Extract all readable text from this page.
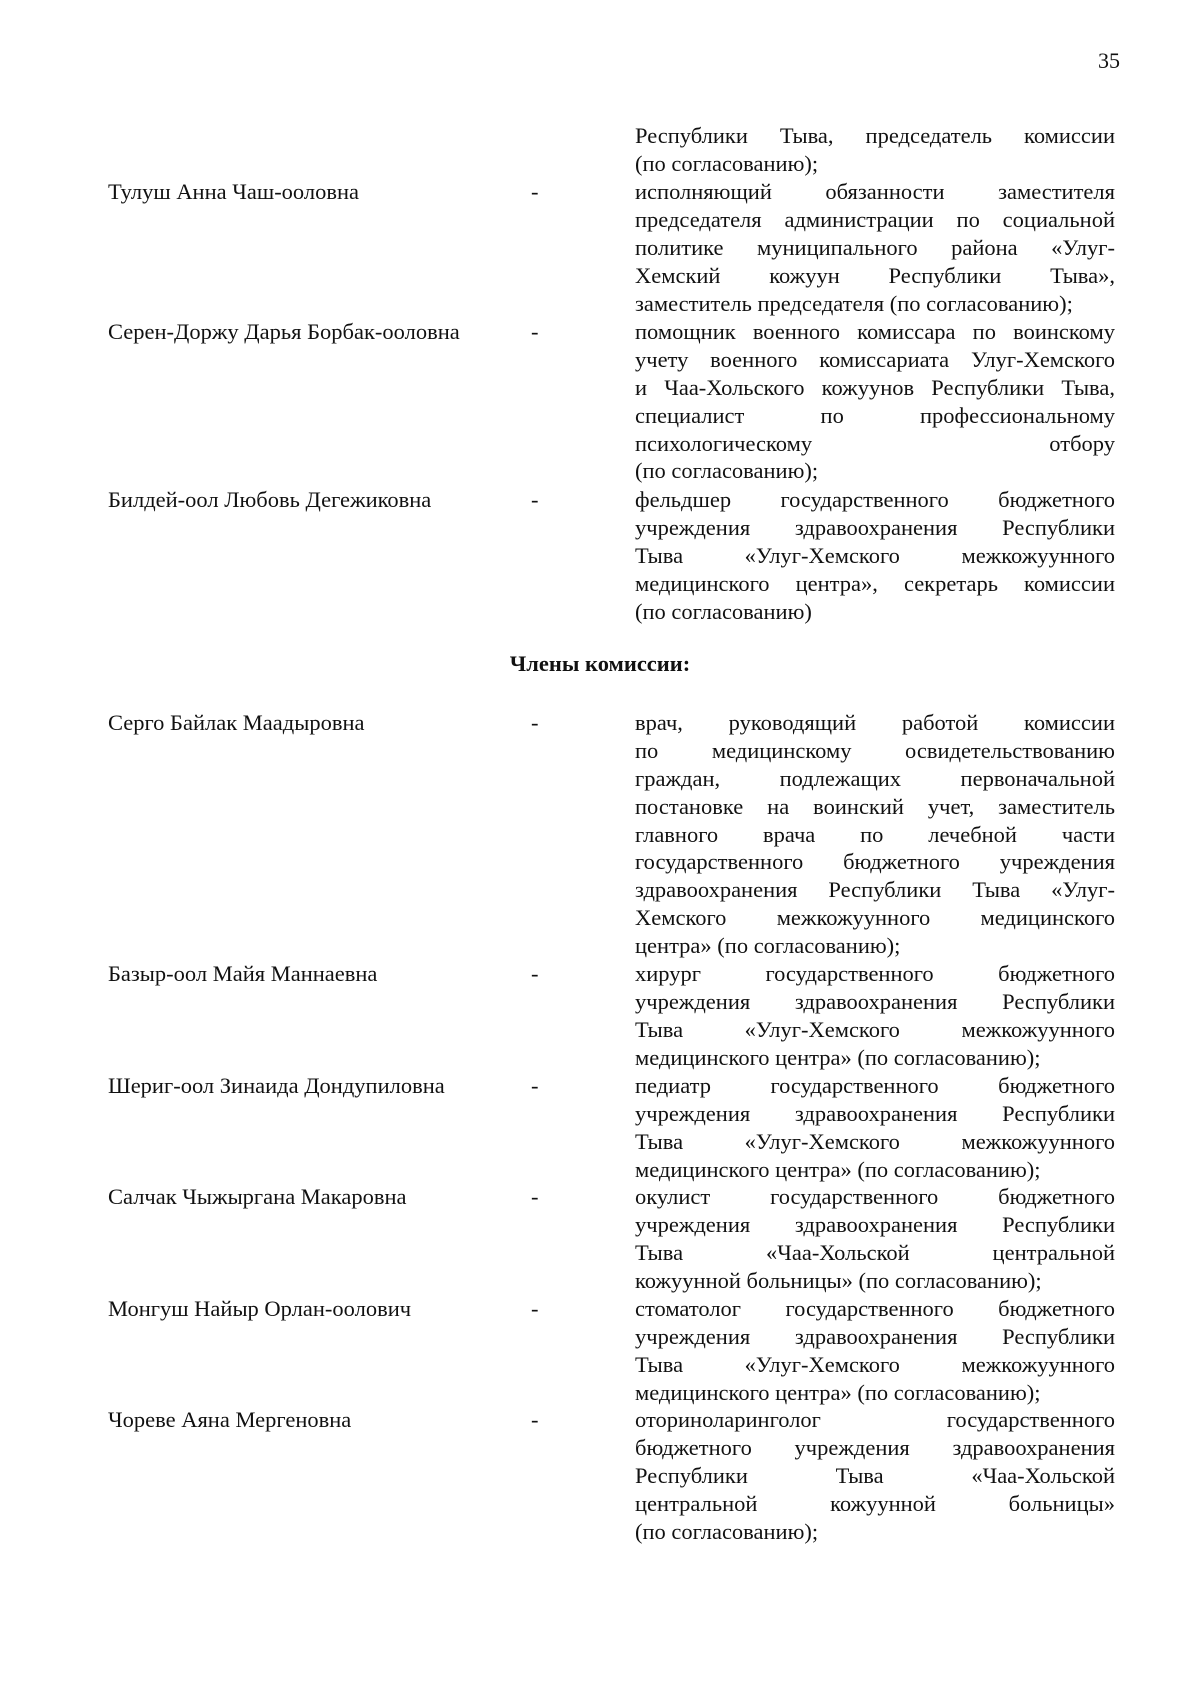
35
Республики Тыва, председатель комиссии
(по согласованию);
Тулуш Анна Чаш-ооловна	-	исполняющий обязанности заместителя
председателя администрации по социальной
политике муниципального района «Улуг-
Хемский кожуун Республики Тыва»,
заместитель председателя (по согласованию);
Серен-Доржу Дарья Борбак-ооловна	-	помощник военного комиссара по воинскому
учету военного комиссариата Улуг-Хемского
и Чаа-Хольского кожуунов Республики Тыва,
специалист по профессиональному
психологическому отбору
(по согласованию);
Билдей-оол Любовь Дегежиковна	-	фельдшер государственного бюджетного
учреждения здравоохранения Республики
Тыва «Улуг-Хемского межкожуунного
медицинского центра», секретарь комиссии
(по согласованию)
Члены комиссии:
Серго Байлак Маадыровна	-	врач, руководящий работой комиссии
по медицинскому освидетельствованию
граждан, подлежащих первоначальной
постановке на воинский учет, заместитель
главного врача по лечебной части
государственного бюджетного учреждения
здравоохранения Республики Тыва «Улуг-
Хемского межкожуунного медицинского
центра» (по согласованию);
Базыр-оол Майя Маннаевна	-	хирург государственного бюджетного
учреждения здравоохранения Республики
Тыва «Улуг-Хемского межкожуунного
медицинского центра» (по согласованию);
Шериг-оол Зинаида Дондупиловна	-	педиатр государственного бюджетного
учреждения здравоохранения Республики
Тыва «Улуг-Хемского межкожуунного
медицинского центра» (по согласованию);
Салчак Чыжыргана Макаровна	-	окулист государственного бюджетного
учреждения здравоохранения Республики
Тыва «Чаа-Хольской центральной
кожуунной больницы» (по согласованию);
Монгуш Найыр Орлан-оолович	-	стоматолог государственного бюджетного
учреждения здравоохранения Республики
Тыва «Улуг-Хемского межкожуунного
медицинского центра» (по согласованию);
Чореве Аяна Мергеновна	-	оториноларинголог государственного
бюджетного учреждения здравоохранения
Республики Тыва «Чаа-Хольской
центральной кожуунной больницы»
(по согласованию);
